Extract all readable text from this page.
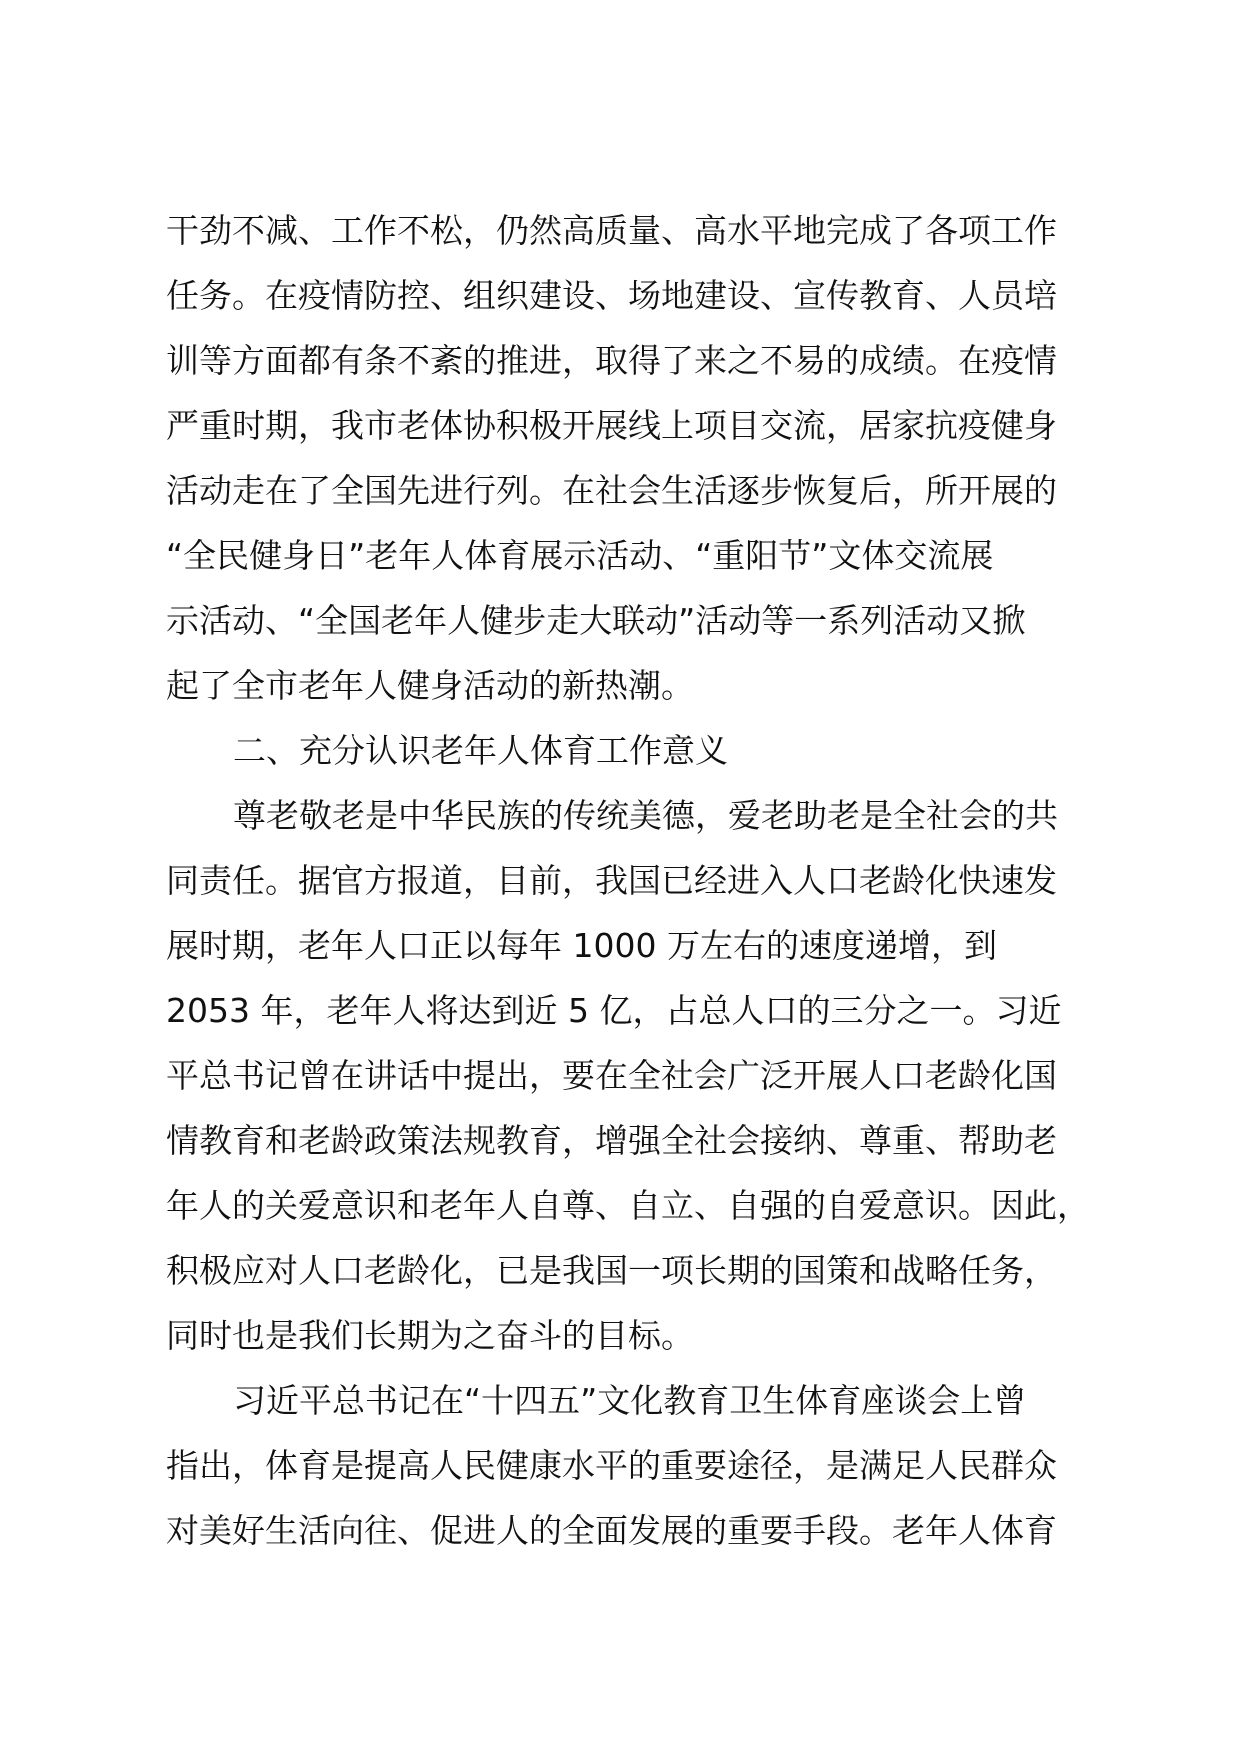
干劲不减、工作不松，仍然高质量、高水平地完成了各项工作
任务。在疫情防控、组织建设、场地建设、宣传教育、人员培
训等方面都有条不紊的推进，取得了来之不易的成绩。在疫情
严重时期，我市老体协积极开展线上项目交流，居家抗疫健身
活动走在了全国先进行列。在社会生活逐步恢复后，所开展的
“全民健身日”老年人体育展示活动、“重阳节”文体交流展
示活动、“全国老年人健步走大联动”活动等一系列活动又掀
起了全市老年人健身活动的新热潮。

二、充分认识老年人体育工作意义

尊老敬老是中华民族的传统美德，爱老助老是全社会的共
同责任。据官方报道，目前，我国已经进入人口老龄化快速发
展时期，老年人口正以每年 1000 万左右的速度递增，到
2053 年，老年人将达到近 5 亿，占总人口的三分之一。习近
平总书记曾在讲话中提出，要在全社会广泛开展人口老龄化国
情教育和老龄政策法规教育，增强全社会接纳、尊重、帮助老
年人的关爱意识和老年人自尊、自立、自强的自爱意识。因此，
积极应对人口老龄化，已是我国一项长期的国策和战略任务，
同时也是我们长期为之奋斗的目标。

习近平总书记在“十四五”文化教育卫生体育座谈会上曾
指出，体育是提高人民健康水平的重要途径，是满足人民群众
对美好生活向往、促进人的全面发展的重要手段。老年人体育
